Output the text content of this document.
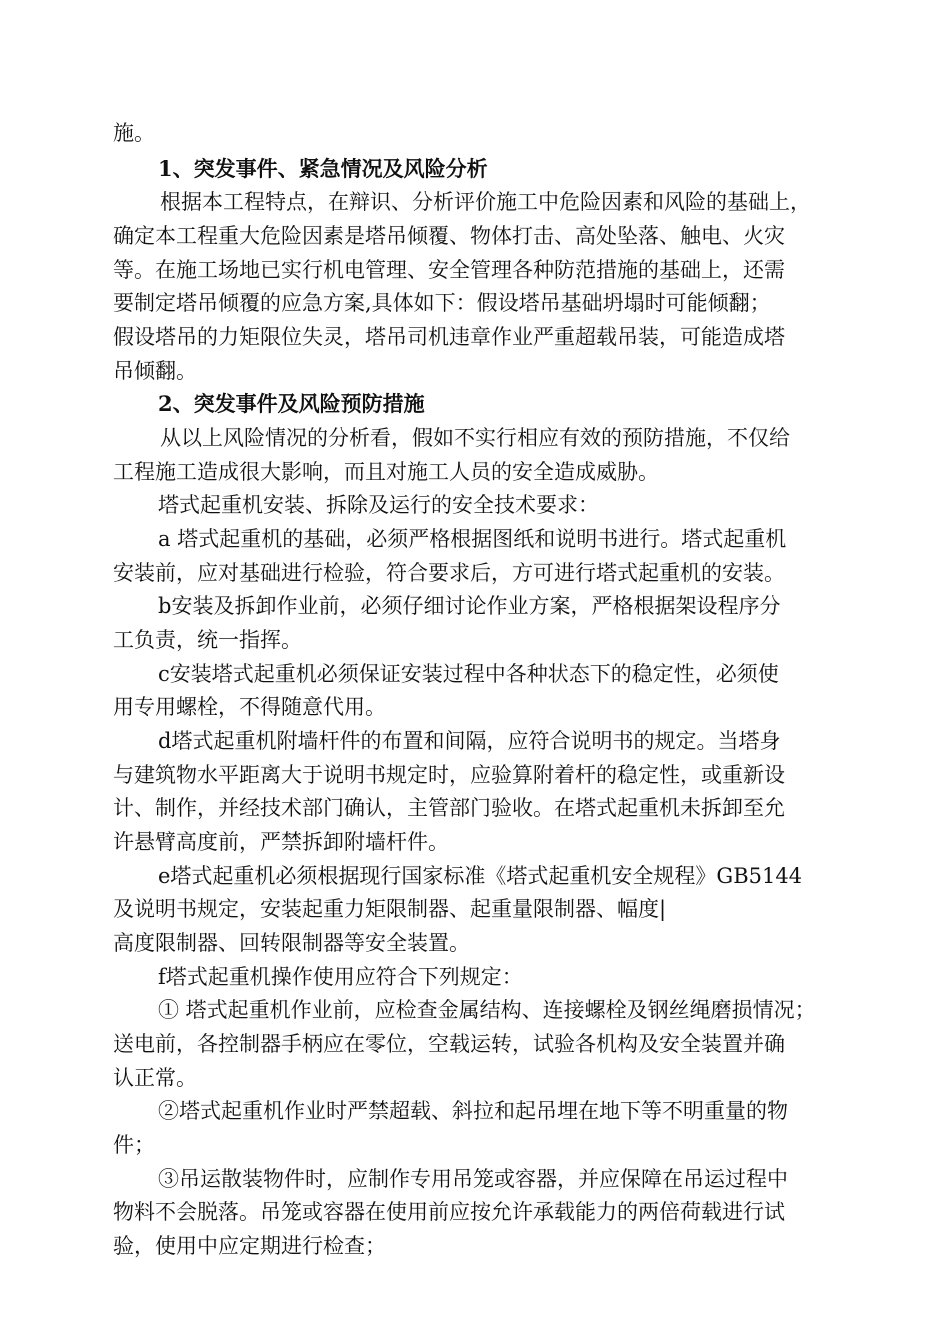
施。

1、突发事件、紧急情况及风险分析

根据本工程特点，在辩识、分析评价施工中危险因素和风险的基础上，

确定本工程重大危险因素是塔吊倾覆、物体打击、高处坠落、触电、火灾

等。在施工场地已实行机电管理、安全管理各种防范措施的基础上，还需

要制定塔吊倾覆的应急方案,具体如下：假设塔吊基础坍塌时可能倾翻；

假设塔吊的力矩限位失灵，塔吊司机违章作业严重超载吊装，可能造成塔

吊倾翻。

2、突发事件及风险预防措施

从以上风险情况的分析看，假如不实行相应有效的预防措施，不仅给

工程施工造成很大影响，而且对施工人员的安全造成威胁。

塔式起重机安装、拆除及运行的安全技术要求：

a 塔式起重机的基础，必须严格根据图纸和说明书进行。塔式起重机

安装前，应对基础进行检验，符合要求后，方可进行塔式起重机的安装。

b安装及拆卸作业前，必须仔细讨论作业方案，严格根据架设程序分

工负责，统一指挥。

c安装塔式起重机必须保证安装过程中各种状态下的稳定性，必须使

用专用螺栓，不得随意代用。

d塔式起重机附墙杆件的布置和间隔，应符合说明书的规定。当塔身

与建筑物水平距离大于说明书规定时，应验算附着杆的稳定性，或重新设

计、制作，并经技术部门确认，主管部门验收。在塔式起重机未拆卸至允

许悬臂高度前，严禁拆卸附墙杆件。

e塔式起重机必须根据现行国家标准《塔式起重机安全规程》GB5144

及说明书规定，安装起重力矩限制器、起重量限制器、幅度|

高度限制器、回转限制器等安全装置。

f塔式起重机操作使用应符合下列规定：

① 塔式起重机作业前，应检查金属结构、连接螺栓及钢丝绳磨损情况；

送电前，各控制器手柄应在零位，空载运转，试验各机构及安全装置并确

认正常。

②塔式起重机作业时严禁超载、斜拉和起吊埋在地下等不明重量的物

件；

③吊运散装物件时，应制作专用吊笼或容器，并应保障在吊运过程中

物料不会脱落。吊笼或容器在使用前应按允许承载能力的两倍荷载进行试

验，使用中应定期进行检查；
